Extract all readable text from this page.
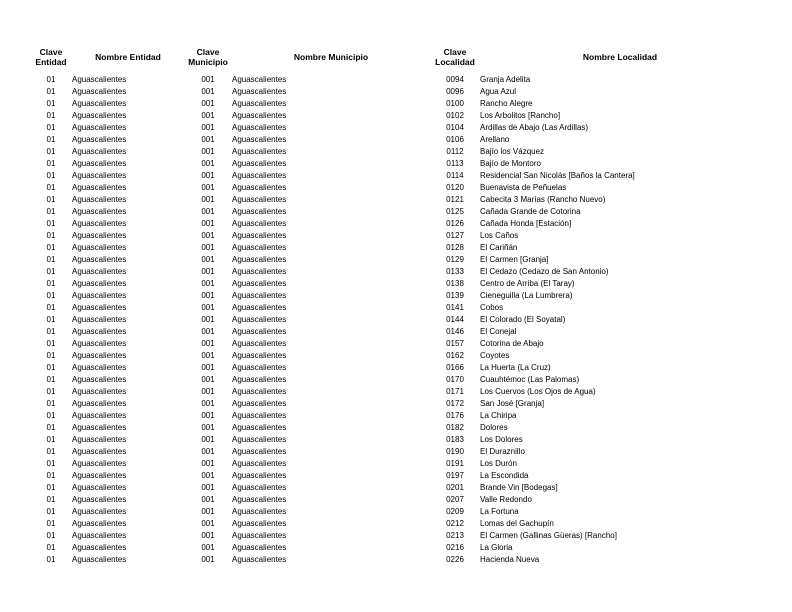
Clave Entidad	Nombre Entidad	Clave Municipio	Nombre Municipio	Clave Localidad	Nombre Localidad
01	Aguascalientes	001	Aguascalientes	0094	Granja Adelita
01	Aguascalientes	001	Aguascalientes	0096	Agua Azul
01	Aguascalientes	001	Aguascalientes	0100	Rancho Alegre
01	Aguascalientes	001	Aguascalientes	0102	Los Arbolitos [Rancho]
01	Aguascalientes	001	Aguascalientes	0104	Ardillas de Abajo (Las Ardillas)
01	Aguascalientes	001	Aguascalientes	0106	Arellano
01	Aguascalientes	001	Aguascalientes	0112	Bajío los Vázquez
01	Aguascalientes	001	Aguascalientes	0113	Bajío de Montoro
01	Aguascalientes	001	Aguascalientes	0114	Residencial San Nicolás [Baños la Cantera]
01	Aguascalientes	001	Aguascalientes	0120	Buenavista de Peñuelas
01	Aguascalientes	001	Aguascalientes	0121	Cabecita 3 Marías (Rancho Nuevo)
01	Aguascalientes	001	Aguascalientes	0125	Cañada Grande de Cotorina
01	Aguascalientes	001	Aguascalientes	0126	Cañada Honda [Estación]
01	Aguascalientes	001	Aguascalientes	0127	Los Caños
01	Aguascalientes	001	Aguascalientes	0128	El Cariñán
01	Aguascalientes	001	Aguascalientes	0129	El Carmen [Granja]
01	Aguascalientes	001	Aguascalientes	0133	El Cedazo (Cedazo de San Antonio)
01	Aguascalientes	001	Aguascalientes	0138	Centro de Arriba (El Taray)
01	Aguascalientes	001	Aguascalientes	0139	Cieneguilla (La Lumbrera)
01	Aguascalientes	001	Aguascalientes	0141	Cobos
01	Aguascalientes	001	Aguascalientes	0144	El Colorado (El Soyatal)
01	Aguascalientes	001	Aguascalientes	0146	El Conejal
01	Aguascalientes	001	Aguascalientes	0157	Cotorina de Abajo
01	Aguascalientes	001	Aguascalientes	0162	Coyotes
01	Aguascalientes	001	Aguascalientes	0166	La Huerta (La Cruz)
01	Aguascalientes	001	Aguascalientes	0170	Cuauhtémoc (Las Palomas)
01	Aguascalientes	001	Aguascalientes	0171	Los Cuervos (Los Ojos de Agua)
01	Aguascalientes	001	Aguascalientes	0172	San José [Granja]
01	Aguascalientes	001	Aguascalientes	0176	La Chiripa
01	Aguascalientes	001	Aguascalientes	0182	Dolores
01	Aguascalientes	001	Aguascalientes	0183	Los Dolores
01	Aguascalientes	001	Aguascalientes	0190	El Duraznillo
01	Aguascalientes	001	Aguascalientes	0191	Los Durón
01	Aguascalientes	001	Aguascalientes	0197	La Escondida
01	Aguascalientes	001	Aguascalientes	0201	Brande Vin [Bodegas]
01	Aguascalientes	001	Aguascalientes	0207	Valle Redondo
01	Aguascalientes	001	Aguascalientes	0209	La Fortuna
01	Aguascalientes	001	Aguascalientes	0212	Lomas del Gachupín
01	Aguascalientes	001	Aguascalientes	0213	El Carmen (Gallinas Güeras) [Rancho]
01	Aguascalientes	001	Aguascalientes	0216	La Gloria
01	Aguascalientes	001	Aguascalientes	0226	Hacienda Nueva
